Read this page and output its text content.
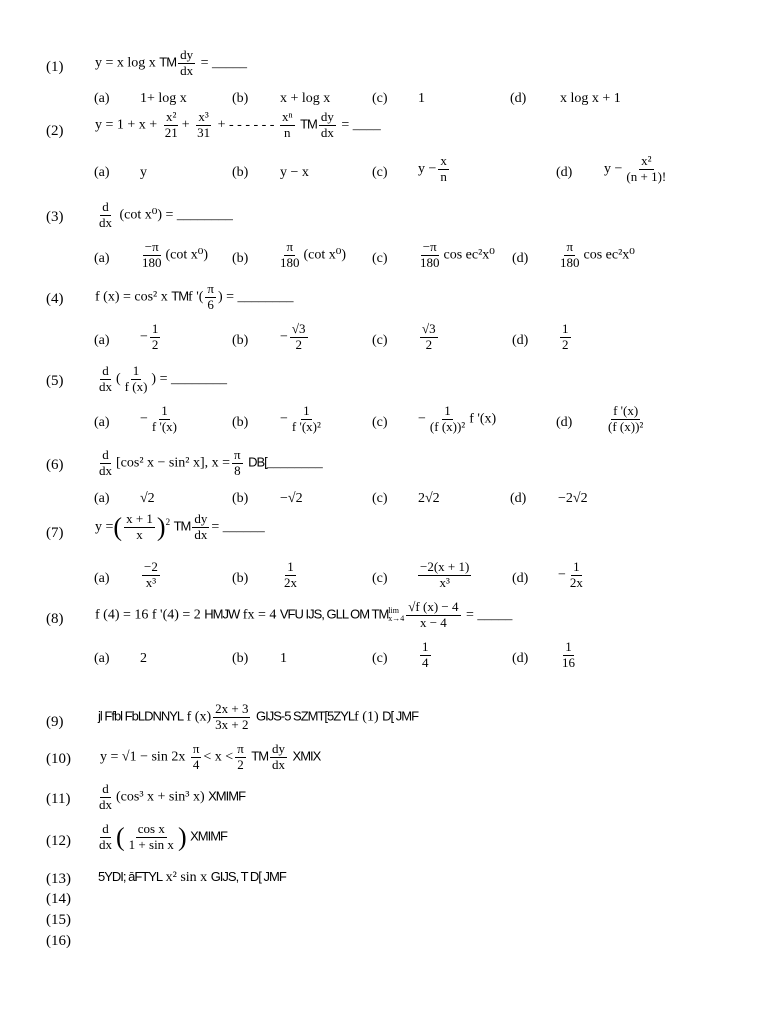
(1) y = x log x TM $\frac{dy}{dx}$ = _____
(a) 1+ log x	(b) x + log x	(c) 1	(d) x log x + 1
(2) $y = 1 + x + \frac{\text{x²}}{21} + \frac{\text{x³}}{31}$ + - - - - - - $\frac{\text{xⁿ}}{n}$ TM $\frac{dy}{dx}$ = ____
(a) y	(b) y − x	(c) $y - \frac{x}{n}$	(d) $y - \frac{\text{x²}}{(n + 1)!}$
(3)	$\frac{d}{dx} (\cot$ x⁰) = ________
$(a) \frac{-\pi}{180} (\cot$ x⁰) $(b) \frac{\pi}{180} (\cot$ x⁰) $(c) \frac{-\pi}{180}$ cos ec²x⁰ $(d) \frac{\pi}{180}$ cos ec²x⁰
(4) f (x) = cos² x TMf '( $\frac{\pi}{6}$ ) = ________
$(a) - \frac{1}{2}$	$(b) - \frac{√3}{2}$	$(c) \frac{√3}{2}$	$(d) \frac{1}{2}$
(5)	$\frac{d}{dx}$ ( $\frac{1}{f (x)}$ ) = ________
$(a) - \frac{1}{f '(x)}$	$(b) - \frac{1}{\text{f '(x)²}}$	$(c) - \frac{1}{\text{(f (x))²}}$ f '(x)	(d)	$\frac{f '(x)}{\text{(f (x))²}}$
(6)	$\frac{d}{dx} [\cos^2$ x − sin² x], $x = \frac{\pi}{8}$ DB[________
(a) √2	(b) −√2	(c) 2√2	(d) −2√2
(7) y =( $\frac{x + 1}{x} )^2$ TM $\frac{dy}{dx}$ = ______
$(a) \frac{-2}{\text{x³}}$	(b)	$\frac{1}{2x}$	$(c) \frac{-2(x + 1)}{\text{x³}}$	$(d) - \frac{1}{2x}$
(8) f (4) = 16 f '(4) = 2 HMJW fx = 4 VFU IJS, GLL OM TM lim
$x\to 4 \frac{√f (x) - 4}{x - 4}$ = _____
(a) 2	(b) 1	$(c) \frac{1}{4}$	$(d) \frac{1}{16}$
(9)	jl Ffbl FbLDNNYL f $(x) \frac{2x + 3}{3x + 2}$ GIJS-5 SZMT[5ZYLf (1) D[ JMF
(10) $y = √1 - \sin 2x \frac{\pi}{4} < x < \frac{\pi}{2}$ TM $\frac{dy}{dx}$ XMIX
$(11) \frac{d}{dx} (\cos^3$ x + sin³ x) XMIMF
$(12) \frac{d}{dx}$ ( $\frac{\text{cos x}}{\text{1 + sin x}}$ ) XMIMF
(13) 5YDI; āFTYL x² sin x GIJS, T D[ JMF
(14)
(15)
(16)
